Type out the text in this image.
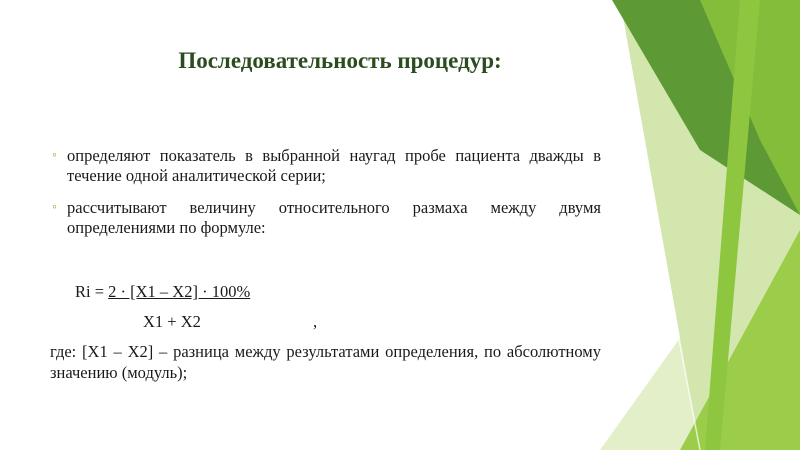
Последовательность процедур:
◦ определяют показатель в выбранной наугад пробе пациента дважды в течение одной аналитической серии;
◦ рассчитывают величину относительного размаха между двумя определениями по формуле:
Ri = 2 · [X1 – X2] · 100%
X1 + X2	,
где: [X1 – X2] – разница между результатами определения, по абсолютному значению (модуль);
